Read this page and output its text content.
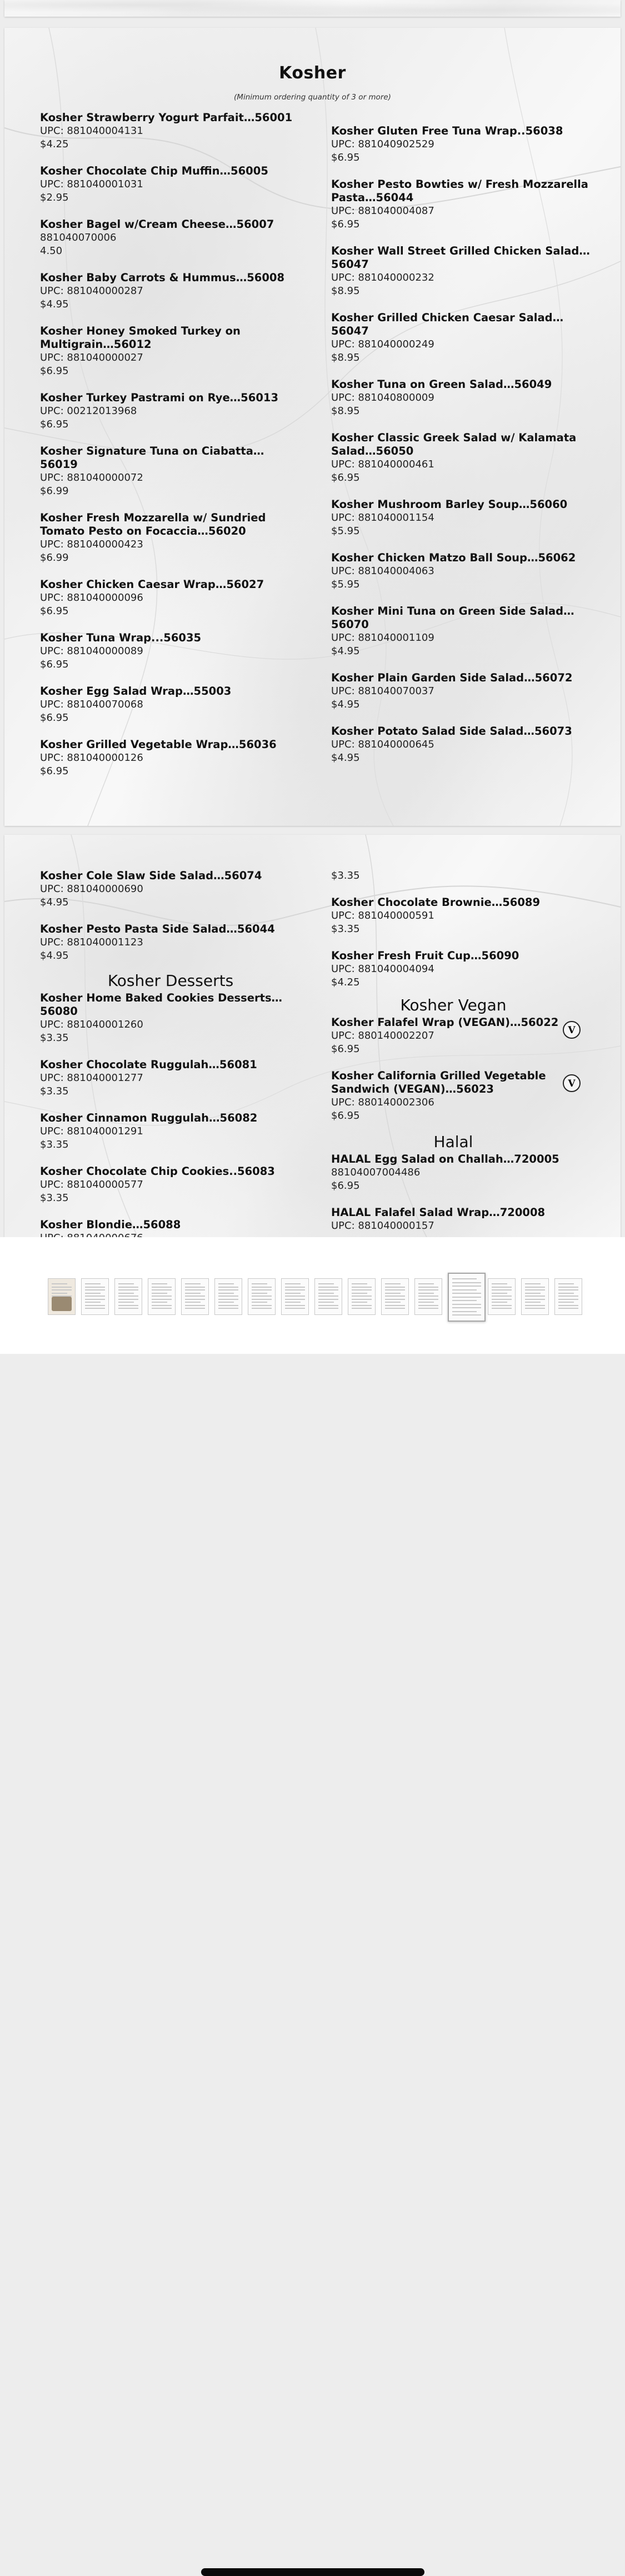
Kosher
(Minimum ordering quantity of 3 or more)
Kosher Strawberry Yogurt Parfait…56001
UPC: 881040004131
$4.25
Kosher Chocolate Chip Muffin…56005
UPC: 881040001031
$2.95
Kosher Bagel w/Cream Cheese…56007
881040070006
4.50
Kosher Baby Carrots & Hummus…56008
UPC: 881040000287
$4.95
Kosher Honey Smoked Turkey on Multigrain…56012
UPC: 881040000027
$6.95
Kosher Turkey Pastrami on Rye…56013
UPC: 00212013968
$6.95
Kosher Signature Tuna on Ciabatta…56019
UPC: 881040000072
$6.99
Kosher Fresh Mozzarella w/ Sundried Tomato Pesto on Focaccia…56020
UPC: 881040000423
$6.99
Kosher Chicken Caesar Wrap…56027
UPC: 881040000096
$6.95
Kosher Tuna Wrap...56035
UPC: 881040000089
$6.95
Kosher Egg Salad Wrap…55003
UPC: 881040070068
$6.95
Kosher Grilled Vegetable Wrap…56036
UPC: 881040000126
$6.95
Kosher Gluten Free Tuna Wrap..56038
UPC: 881040902529
$6.95
Kosher Pesto Bowties w/ Fresh Mozzarella Pasta…56044
UPC: 881040004087
$6.95
Kosher Wall Street Grilled Chicken Salad…56047
UPC: 881040000232
$8.95
Kosher Grilled Chicken Caesar Salad…56047
UPC: 881040000249
$8.95
Kosher Tuna on Green Salad…56049
UPC: 881040800009
$8.95
Kosher Classic Greek Salad w/ Kalamata Salad…56050
UPC: 881040000461
$6.95
Kosher Mushroom Barley Soup…56060
UPC: 881040001154
$5.95
Kosher Chicken Matzo Ball Soup…56062
UPC: 881040004063
$5.95
Kosher Mini Tuna on Green Side Salad…56070
UPC: 881040001109
$4.95
Kosher Plain Garden Side Salad…56072
UPC: 881040070037
$4.95
Kosher Potato Salad Side Salad…56073
UPC: 881040000645
$4.95
Kosher Cole Slaw Side Salad…56074
UPC: 881040000690
$4.95
Kosher Pesto Pasta Side Salad…56044
UPC: 881040001123
$4.95
Kosher Desserts
Kosher Home Baked Cookies Desserts…56080
UPC: 881040001260
$3.35
Kosher Chocolate Ruggulah…56081
UPC: 881040001277
$3.35
Kosher Cinnamon Ruggulah…56082
UPC: 881040001291
$3.35
Kosher Chocolate Chip Cookies..56083
UPC: 881040000577
$3.35
Kosher Blondie…56088
$3.35
Kosher Chocolate Brownie…56089
UPC: 881040000591
$3.35
Kosher Fresh Fruit Cup…56090
UPC: 881040004094
$4.25
Kosher Vegan
Kosher Falafel Wrap (VEGAN)…56022
UPC: 880140002207
$6.95
V
Kosher California Grilled Vegetable Sandwich (VEGAN)…56023
UPC: 880140002306
$6.95
V
Halal
HALAL Egg Salad on Challah…720005
88104007004486
$6.95
HALAL Falafel Salad Wrap…720008
UPC: 881040000157
